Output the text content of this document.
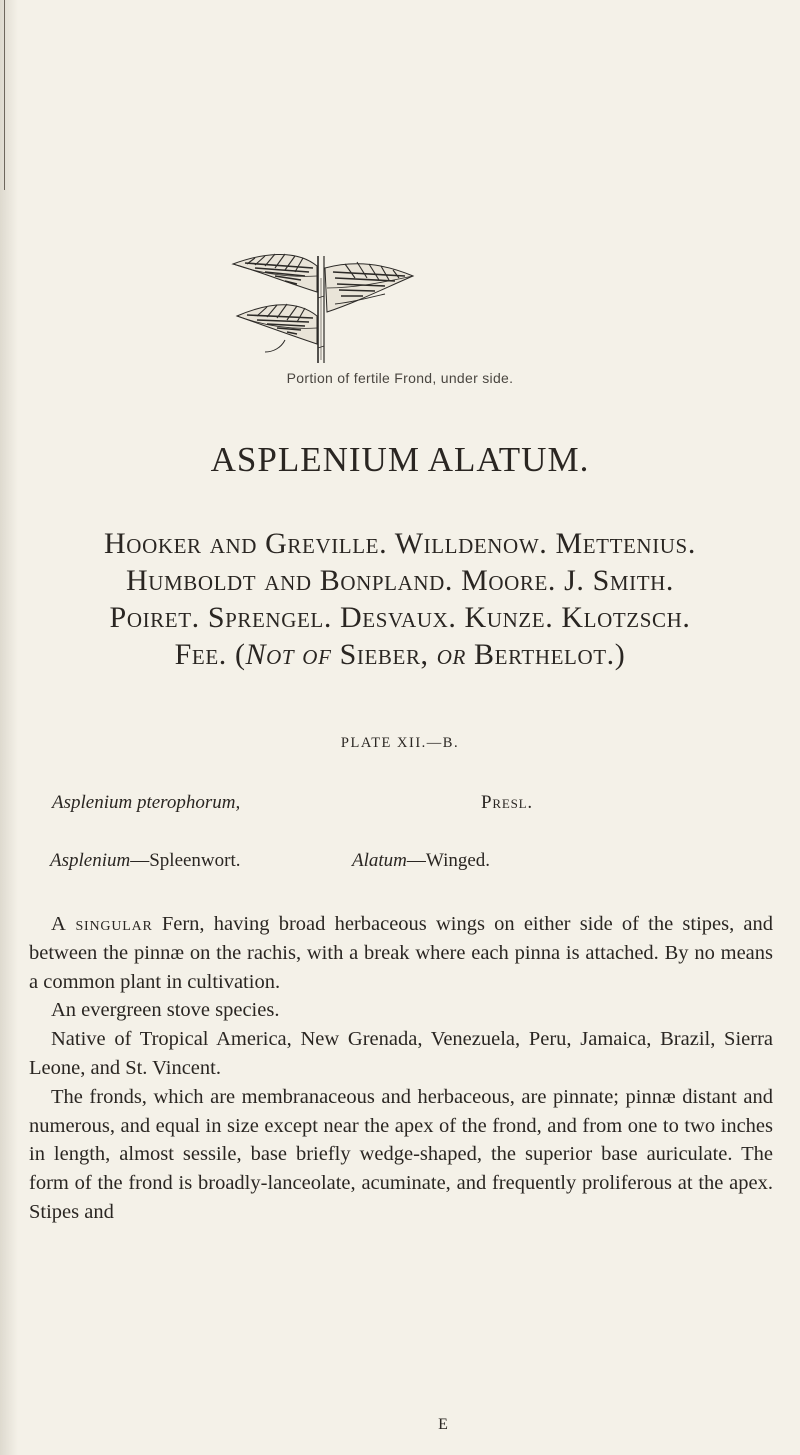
Portion of fertile Frond, under side.
ASPLENIUM ALATUM.
Hooker and Greville. Willdenow. Mettenius.
Humboldt and Bonpland. Moore. J. Smith.
Poiret. Sprengel. Desvaux. Kunze. Klotzsch.
Fee. (Not of Sieber, or Berthelot.)
PLATE XII.—B.
Asplenium pterophorum,	Presl.
Asplenium—Spleenwort.	Alatum—Winged.

A singular Fern, having broad herbaceous wings on either side of the stipes, and between the pinnæ on the rachis, with a break where each pinna is attached. By no means a common plant in cultivation.

An evergreen stove species.

Native of Tropical America, New Grenada, Venezuela, Peru, Jamaica, Brazil, Sierra Leone, and St. Vincent.

The fronds, which are membranaceous and herbaceous, are pinnate; pinnæ distant and numerous, and equal in size except near the apex of the frond, and from one to two inches in length, almost sessile, base briefly wedge-shaped, the superior base auriculate. The form of the frond is broadly-lanceolate, acuminate, and frequently proliferous at the apex. Stipes and

E
